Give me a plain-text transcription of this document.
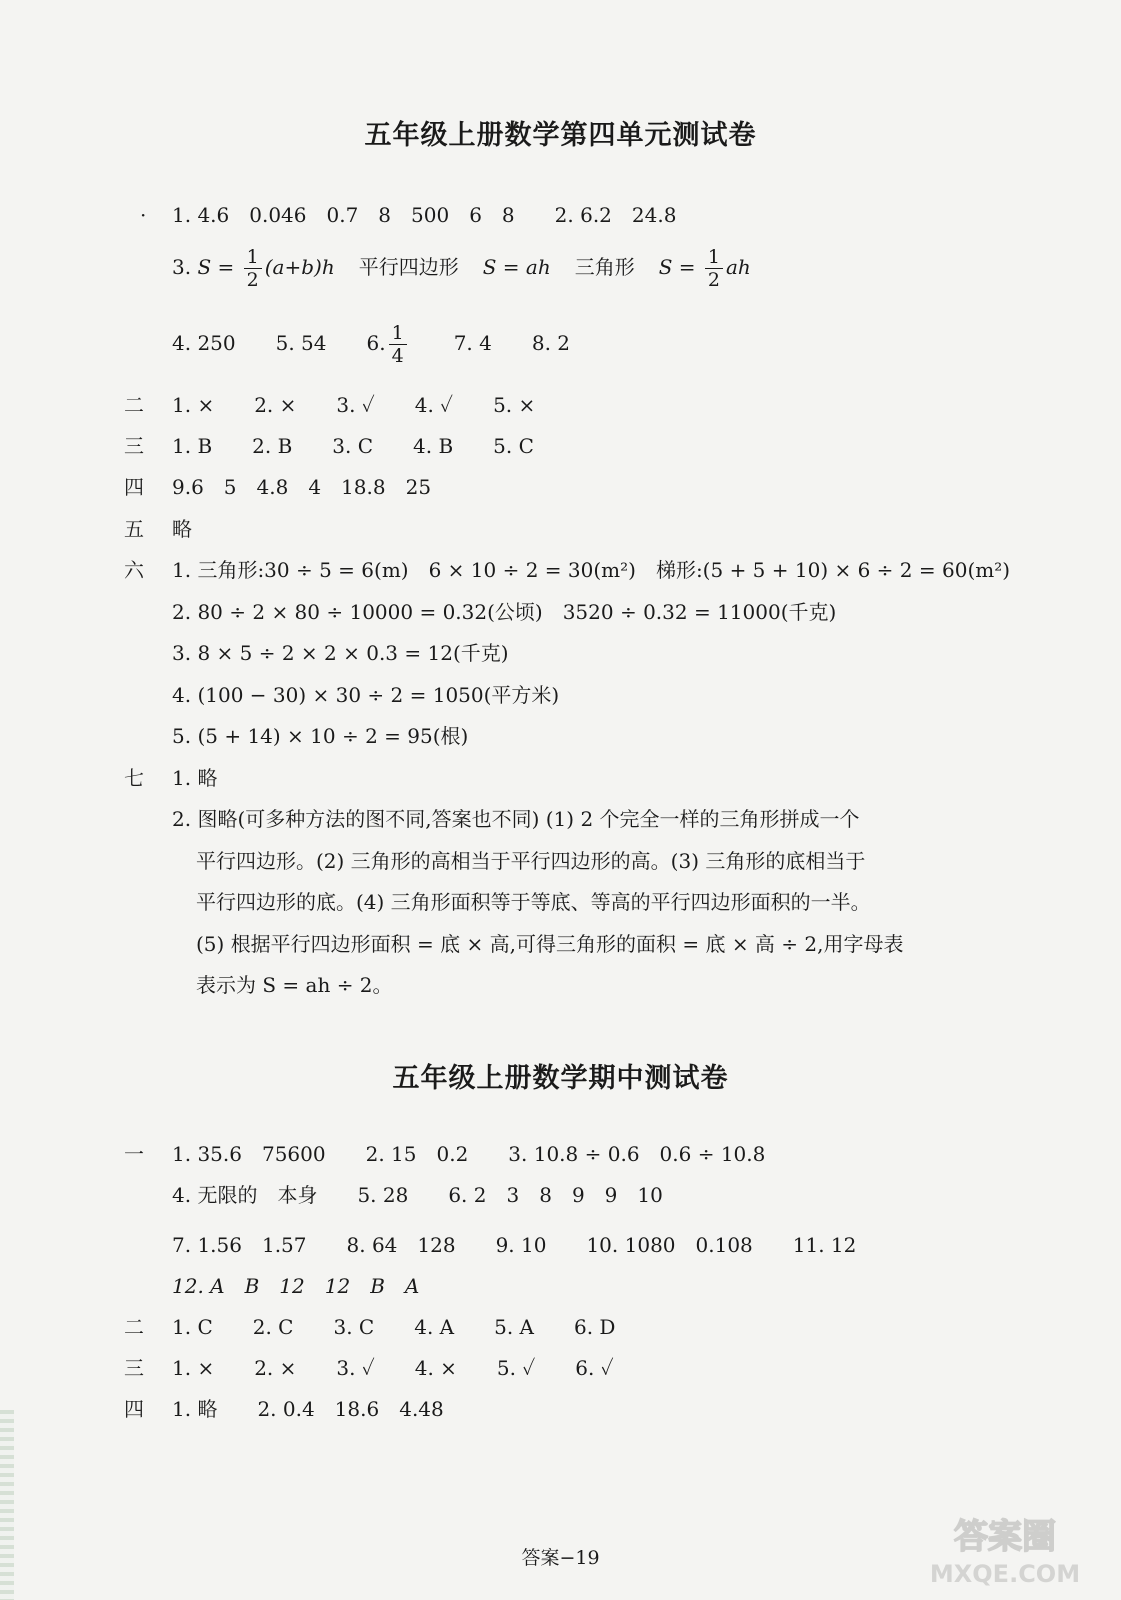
五年级上册数学第四单元测试卷
· 1. 4.6　0.046　0.7　8　500　6　8　　2. 6.2　24.8
3. $S = \frac{1}{2} (a+b)h$ 平行四边形 S = ah 三角形 $S = \frac{1}{2}$ ah
4. 250　　5. 54　　6. $\frac{1}{4} 7$. 4　　8. 2
二 1. ×　　2. ×　　3. ✓　　4. ✓　　5. ×
三 1. B　　2. B　　3. C　　4. B　　5. C
四 9.6　5　4.8　4　18.8　25
五 略
六 1. 三角形:30 ÷ 5 = 6(m)　6 × 10 ÷ 2 = 30(m²)　梯形:(5 + 5 + 10) × 6 ÷ 2 = 60(m²)
2. 80 ÷ 2 × 80 ÷ 10000 = 0.32(公顷)　3520 ÷ 0.32 = 11000(千克)
3. 8 × 5 ÷ 2 × 2 × 0.3 = 12(千克)
4. (100 − 30) × 30 ÷ 2 = 1050(平方米)
5. (5 + 14) × 10 ÷ 2 = 95(根)
七 1. 略
2. 图略(可多种方法的图不同,答案也不同) (1) 2 个完全一样的三角形拼成一个
平行四边形。(2) 三角形的高相当于平行四边形的高。(3) 三角形的底相当于
平行四边形的底。(4) 三角形面积等于等底、等高的平行四边形面积的一半。
(5) 根据平行四边形面积 = 底 × 高,可得三角形的面积 = 底 × 高 ÷ 2,用字母表
表示为 S = ah ÷ 2。
五年级上册数学期中测试卷
一 1. 35.6　75600　　2. 15　0.2　　3. 10.8 ÷ 0.6　0.6 ÷ 10.8
4. 无限的　本身　　5. 28　　6. 2　3　8　9　9　10
7. 1.56　1.57　　8. 64　128　　9. 10　　10. 1080　0.108　　11. 12
12. A　B　12　12　B　A
二 1. C　　2. C　　3. C　　4. A　　5. A　　6. D
三 1. ×　　2. ×　　3. ✓　　4. ×　　5. ✓　　6. ✓
四 1. 略　　2. 0.4　18.6　4.48
答案−19
答案圈
MXQE.COM
